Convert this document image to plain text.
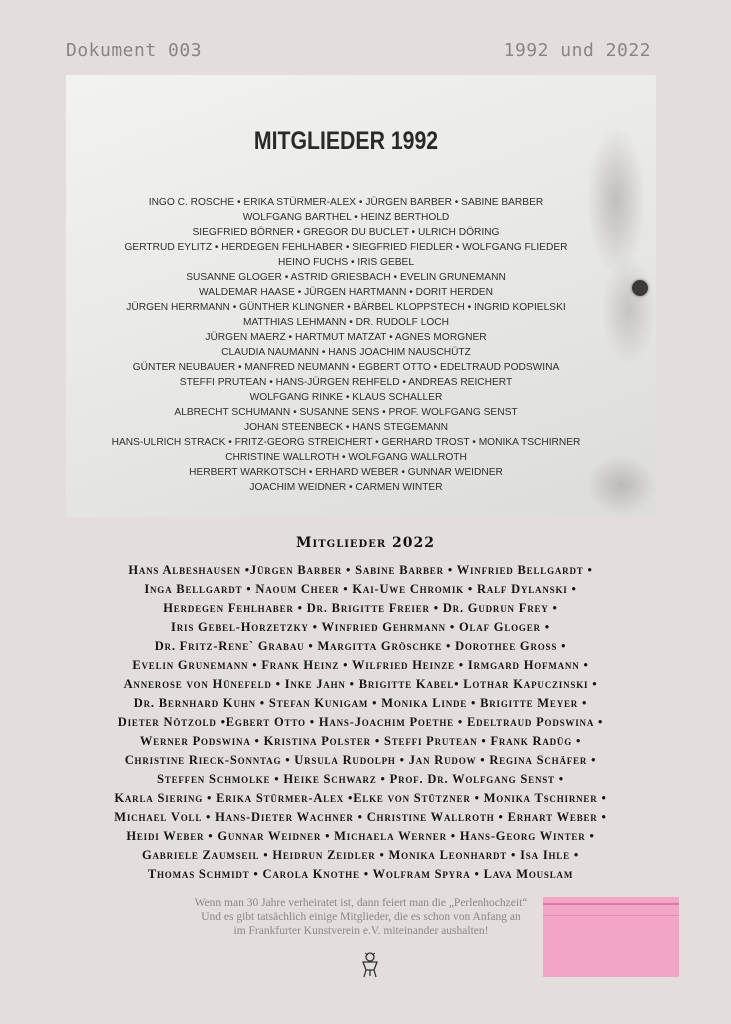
Dokument 003	1992 und 2022
MITGLIEDER 1992
INGO C. ROSCHE • ERIKA STÜRMER-ALEX • JÜRGEN BARBER • SABINE BARBER
WOLFGANG BARTHEL • HEINZ BERTHOLD
SIEGFRIED BÖRNER • GREGOR DU BUCLET • ULRICH DÖRING
GERTRUD EYLITZ • HERDEGEN FEHLHABER • SIEGFRIED FIEDLER • WOLFGANG FLIEDER
HEINO FUCHS • IRIS GEBEL
SUSANNE GLOGER • ASTRID GRIESBACH • EVELIN GRUNEMANN
WALDEMAR HAASE • JÜRGEN HARTMANN • DORIT HERDEN
JÜRGEN HERRMANN • GÜNTHER KLINGNER • BÄRBEL KLOPPSTECH • INGRID KOPIELSKI
MATTHIAS LEHMANN • DR. RUDOLF LOCH
JÜRGEN MAERZ • HARTMUT MATZAT • AGNES MORGNER
CLAUDIA NAUMANN • HANS JOACHIM NAUSCHÜTZ
GÜNTER NEUBAUER • MANFRED NEUMANN • EGBERT OTTO • EDELTRAUD PODSWINA
STEFFI PRUTEAN • HANS-JÜRGEN REHFELD • ANDREAS REICHERT
WOLFGANG RINKE • KLAUS SCHALLER
ALBRECHT SCHUMANN • SUSANNE SENS • PROF. WOLFGANG SENST
JOHAN STEENBECK • HANS STEGEMANN
HANS-ULRICH STRACK • FRITZ-GEORG STREICHERT • GERHARD TROST • MONIKA TSCHIRNER
CHRISTINE WALLROTH • WOLFGANG WALLROTH
HERBERT WARKOTSCH • ERHARD WEBER • GUNNAR WEIDNER
JOACHIM WEIDNER • CARMEN WINTER
Mitglieder 2022
Hans Albeshausen •Jürgen Barber • Sabine Barber • Winfried Bellgardt •
Inga Bellgardt • Naoum Cheer • Kai-Uwe Chromik • Ralf Dylanski •
Herdegen Fehlhaber • Dr. Brigitte Freier • Dr. Gudrun Frey •
Iris Gebel-Horzetzky • Winfried Gehrmann • Olaf Gloger •
Dr. Fritz-Rene` Grabau • Margitta Gröschke • Dorothee Gross •
Evelin Grunemann • Frank Heinz • Wilfried Heinze • Irmgard Hofmann •
Annerose von Hünefeld • Inke Jahn • Brigitte Kabel• Lothar Kapuczinski •
Dr. Bernhard Kuhn • Stefan Kunigam • Monika Linde • Brigitte Meyer •
Dieter Nötzold •Egbert Otto • Hans-Joachim Poethe • Edeltraud Podswina •
Werner Podswina • Kristina Polster • Steffi Prutean • Frank Radüg •
Christine Rieck-Sonntag • Ursula Rudolph • Jan Rudow • Regina Schäfer •
Steffen Schmolke • Heike Schwarz • Prof. Dr. Wolfgang Senst •
Karla Siering • Erika Stürmer-Alex •Elke von Stützner • Monika Tschirner •
Michael Voll • Hans-Dieter Wachner • Christine Wallroth • Erhart Weber •
Heidi Weber • Gunnar Weidner • Michaela Werner • Hans-Georg Winter •
Gabriele Zaumseil • Heidrun Zeidler • Monika Leonhardt • Isa Ihle •
Thomas Schmidt • Carola Knothe • Wolfram Spyra • Lava Mouslam
Wenn man 30 Jahre verheiratet ist, dann feiert man die „Perlenhochzeit“
Und es gibt tatsächlich einige Mitglieder, die es schon von Anfang an
im Frankfurter Kunstverein e.V. miteinander aushalten!
